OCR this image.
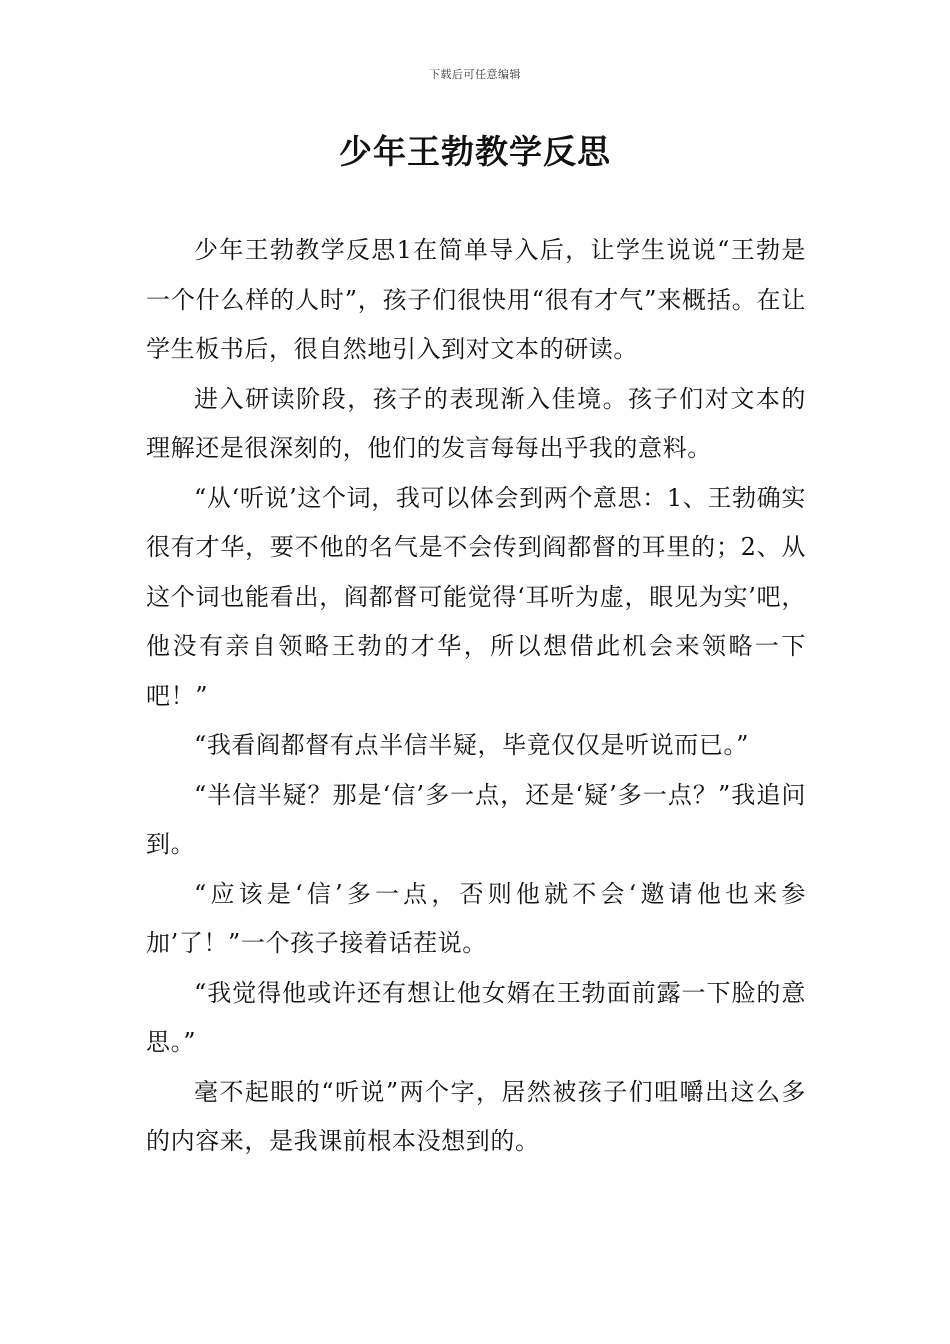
下载后可任意编辑
少年王勃教学反思

少年王勃教学反思1在简单导入后，让学生说说“王勃是一个什么样的人时”，孩子们很快用“很有才气”来概括。在让学生板书后，很自然地引入到对文本的研读。

进入研读阶段，孩子的表现渐入佳境。孩子们对文本的理解还是很深刻的，他们的发言每每出乎我的意料。

“从‘听说’这个词，我可以体会到两个意思：1、王勃确实很有才华，要不他的名气是不会传到阎都督的耳里的；2、从这个词也能看出，阎都督可能觉得‘耳听为虚，眼见为实’吧，他没有亲自领略王勃的才华，所以想借此机会来领略一下吧！”

“我看阎都督有点半信半疑，毕竟仅仅是听说而已。”

“半信半疑？那是‘信’多一点，还是‘疑’多一点？”我追问到。

“应该是‘信’多一点，否则他就不会‘邀请他也来参加’了！”一个孩子接着话茬说。

“我觉得他或许还有想让他女婿在王勃面前露一下脸的意思。”

毫不起眼的“听说”两个字，居然被孩子们咀嚼出这么多的内容来，是我课前根本没想到的。
